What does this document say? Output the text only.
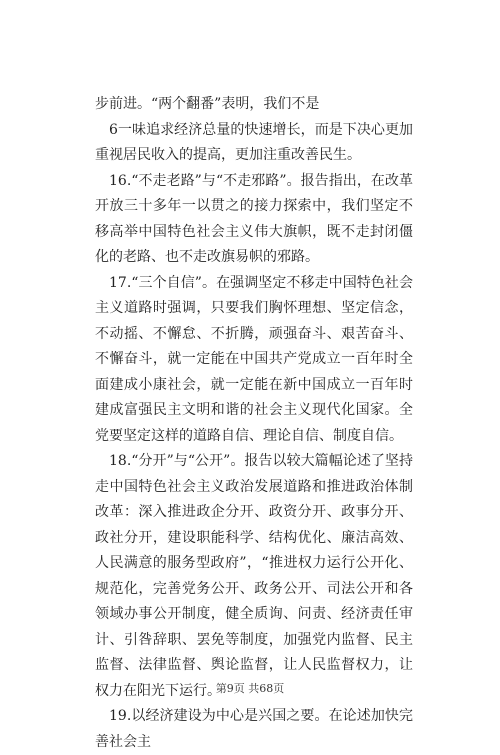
步前进。“两个翻番”表明，我们不是

6一味追求经济总量的快速增长，而是下决心更加重视居民收入的提高，更加注重改善民生。

16.“不走老路”与“不走邪路”。报告指出，在改革开放三十多年一以贯之的接力探索中，我们坚定不移高举中国特色社会主义伟大旗帜，既不走封闭僵化的老路、也不走改旗易帜的邪路。

17.“三个自信”。在强调坚定不移走中国特色社会主义道路时强调，只要我们胸怀理想、坚定信念，不动摇、不懈怠、不折腾，顽强奋斗、艰苦奋斗、不懈奋斗，就一定能在中国共产党成立一百年时全面建成小康社会，就一定能在新中国成立一百年时建成富强民主文明和谐的社会主义现代化国家。全党要坚定这样的道路自信、理论自信、制度自信。

18.“分开”与“公开”。报告以较大篇幅论述了坚持走中国特色社会主义政治发展道路和推进政治体制改革：深入推进政企分开、政资分开、政事分开、政社分开，建设职能科学、结构优化、廉洁高效、人民满意的服务型政府”，“推进权力运行公开化、规范化，完善党务公开、政务公开、司法公开和各领域办事公开制度，健全质询、问责、经济责任审计、引咎辞职、罢免等制度，加强党内监督、民主监督、法律监督、舆论监督，让人民监督权力，让权力在阳光下运行。

19.以经济建设为中心是兴国之要。在论述加快完善社会主

第9页 共68页
